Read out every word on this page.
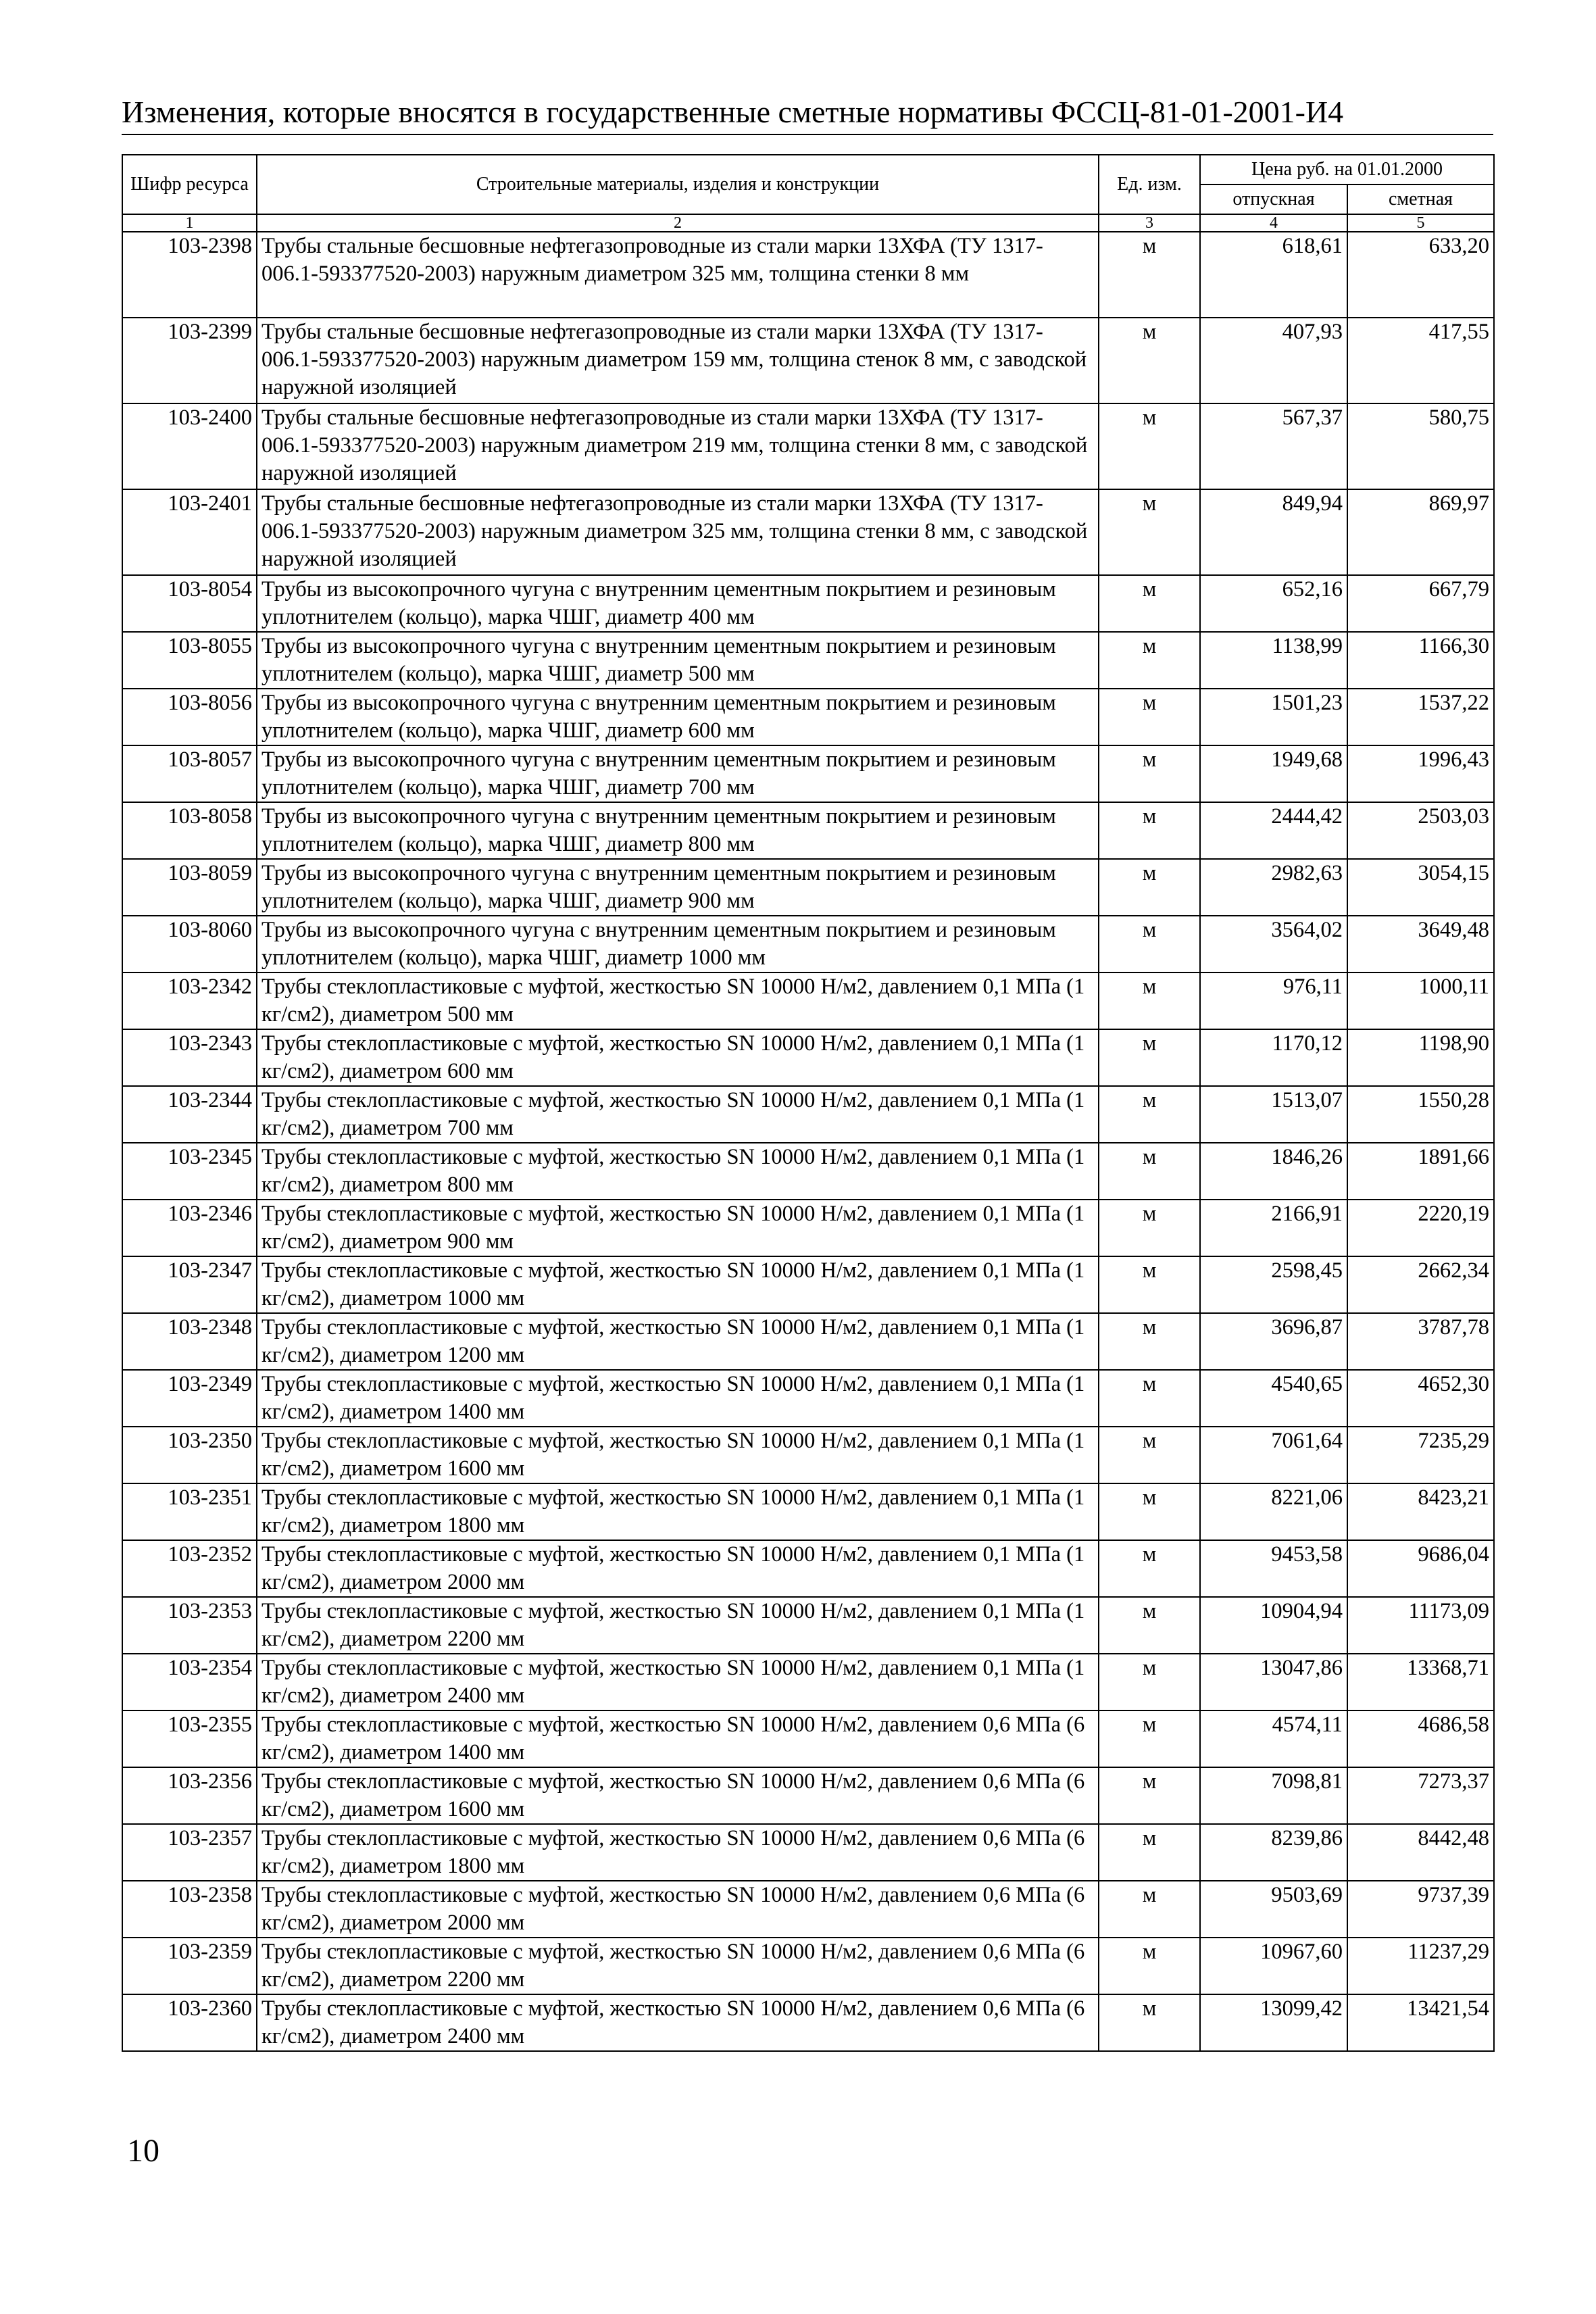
Изменения, которые вносятся в государственные сметные нормативы ФССЦ-81-01-2001-И4
Шифр ресурса	Строительные материалы, изделия и конструкции	Ед. изм.	Цена руб. на 01.01.2000	
			отпускная	сметная
1	2	3	4	5
103-2398	Трубы стальные бесшовные нефтегазопроводные из стали марки 13ХФА (ТУ 1317-006.1-593377520-2003) наружным диаметром 325 мм, толщина стенки 8 мм	м	618,61	633,20
103-2399	Трубы стальные бесшовные нефтегазопроводные из стали марки 13ХФА (ТУ 1317-006.1-593377520-2003) наружным диаметром 159 мм, толщина стенок 8 мм, с заводской наружной изоляцией	м	407,93	417,55
103-2400	Трубы стальные бесшовные нефтегазопроводные из стали марки 13ХФА (ТУ 1317-006.1-593377520-2003) наружным диаметром 219 мм, толщина стенки 8 мм, с заводской наружной изоляцией	м	567,37	580,75
103-2401	Трубы стальные бесшовные нефтегазопроводные из стали марки 13ХФА (ТУ 1317-006.1-593377520-2003) наружным диаметром 325 мм, толщина стенки 8 мм, с заводской наружной изоляцией	м	849,94	869,97
103-8054	Трубы из высокопрочного чугуна с внутренним цементным покрытием и резиновым уплотнителем (кольцо), марка ЧШГ, диаметр 400 мм	м	652,16	667,79
103-8055	Трубы из высокопрочного чугуна с внутренним цементным покрытием и резиновым уплотнителем (кольцо), марка ЧШГ, диаметр 500 мм	м	1138,99	1166,30
103-8056	Трубы из высокопрочного чугуна с внутренним цементным покрытием и резиновым уплотнителем (кольцо), марка ЧШГ, диаметр 600 мм	м	1501,23	1537,22
103-8057	Трубы из высокопрочного чугуна с внутренним цементным покрытием и резиновым уплотнителем (кольцо), марка ЧШГ, диаметр 700 мм	м	1949,68	1996,43
103-8058	Трубы из высокопрочного чугуна с внутренним цементным покрытием и резиновым уплотнителем (кольцо), марка ЧШГ, диаметр 800 мм	м	2444,42	2503,03
103-8059	Трубы из высокопрочного чугуна с внутренним цементным покрытием и резиновым уплотнителем (кольцо), марка ЧШГ, диаметр 900 мм	м	2982,63	3054,15
103-8060	Трубы из высокопрочного чугуна с внутренним цементным покрытием и резиновым уплотнителем (кольцо), марка ЧШГ, диаметр 1000 мм	м	3564,02	3649,48
103-2342	Трубы стеклопластиковые с муфтой, жесткостью SN 10000 Н/м2, давлением 0,1 МПа (1 кг/см2), диаметром 500 мм	м	976,11	1000,11
103-2343	Трубы стеклопластиковые с муфтой, жесткостью SN 10000 Н/м2, давлением 0,1 МПа (1 кг/см2), диаметром 600 мм	м	1170,12	1198,90
103-2344	Трубы стеклопластиковые с муфтой, жесткостью SN 10000 Н/м2, давлением 0,1 МПа (1 кг/см2), диаметром 700 мм	м	1513,07	1550,28
103-2345	Трубы стеклопластиковые с муфтой, жесткостью SN 10000 Н/м2, давлением 0,1 МПа (1 кг/см2), диаметром 800 мм	м	1846,26	1891,66
103-2346	Трубы стеклопластиковые с муфтой, жесткостью SN 10000 Н/м2, давлением 0,1 МПа (1 кг/см2), диаметром 900 мм	м	2166,91	2220,19
103-2347	Трубы стеклопластиковые с муфтой, жесткостью SN 10000 Н/м2, давлением 0,1 МПа (1 кг/см2), диаметром 1000 мм	м	2598,45	2662,34
103-2348	Трубы стеклопластиковые с муфтой, жесткостью SN 10000 Н/м2, давлением 0,1 МПа (1 кг/см2), диаметром 1200 мм	м	3696,87	3787,78
103-2349	Трубы стеклопластиковые с муфтой, жесткостью SN 10000 Н/м2, давлением 0,1 МПа (1 кг/см2), диаметром 1400 мм	м	4540,65	4652,30
103-2350	Трубы стеклопластиковые с муфтой, жесткостью SN 10000 Н/м2, давлением 0,1 МПа (1 кг/см2), диаметром 1600 мм	м	7061,64	7235,29
103-2351	Трубы стеклопластиковые с муфтой, жесткостью SN 10000 Н/м2, давлением 0,1 МПа (1 кг/см2), диаметром 1800 мм	м	8221,06	8423,21
103-2352	Трубы стеклопластиковые с муфтой, жесткостью SN 10000 Н/м2, давлением 0,1 МПа (1 кг/см2), диаметром 2000 мм	м	9453,58	9686,04
103-2353	Трубы стеклопластиковые с муфтой, жесткостью SN 10000 Н/м2, давлением 0,1 МПа (1 кг/см2), диаметром 2200 мм	м	10904,94	11173,09
103-2354	Трубы стеклопластиковые с муфтой, жесткостью SN 10000 Н/м2, давлением 0,1 МПа (1 кг/см2), диаметром 2400 мм	м	13047,86	13368,71
103-2355	Трубы стеклопластиковые с муфтой, жесткостью SN 10000 Н/м2, давлением 0,6 МПа (6 кг/см2), диаметром 1400 мм	м	4574,11	4686,58
103-2356	Трубы стеклопластиковые с муфтой, жесткостью SN 10000 Н/м2, давлением 0,6 МПа (6 кг/см2), диаметром 1600 мм	м	7098,81	7273,37
103-2357	Трубы стеклопластиковые с муфтой, жесткостью SN 10000 Н/м2, давлением 0,6 МПа (6 кг/см2), диаметром 1800 мм	м	8239,86	8442,48
103-2358	Трубы стеклопластиковые с муфтой, жесткостью SN 10000 Н/м2, давлением 0,6 МПа (6 кг/см2), диаметром 2000 мм	м	9503,69	9737,39
103-2359	Трубы стеклопластиковые с муфтой, жесткостью SN 10000 Н/м2, давлением 0,6 МПа (6 кг/см2), диаметром 2200 мм	м	10967,60	11237,29
103-2360	Трубы стеклопластиковые с муфтой, жесткостью SN 10000 Н/м2, давлением 0,6 МПа (6 кг/см2), диаметром 2400 мм	м	13099,42	13421,54
10
